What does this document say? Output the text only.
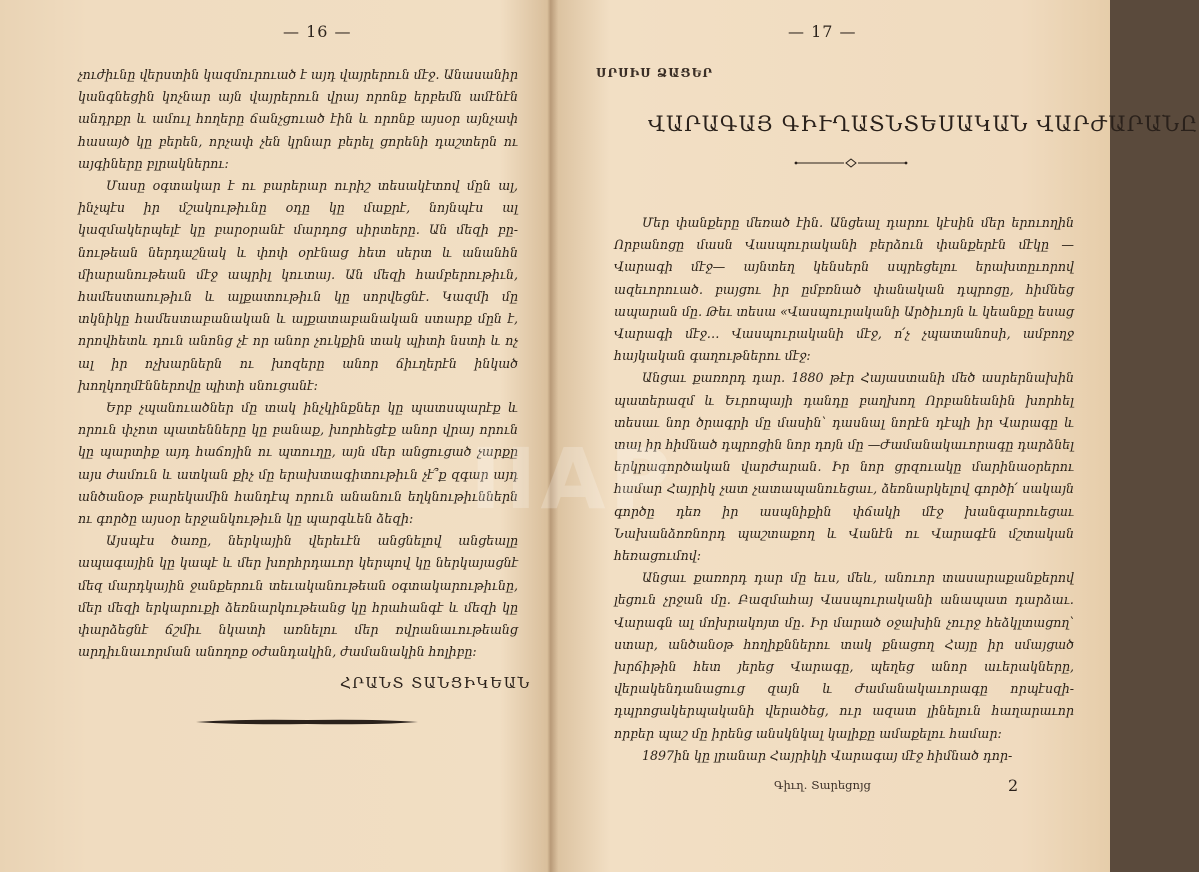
— 16 —

չուժիւնը վերստին կազմուրուած է այդ վայրերուն մէջ․ Անասանիր կանգնեցին կոչնար այն վայրերուն վրայ որոնք երբեմն ամէնէն անդրքր և ամուլ հողերը ճանչցուած էին և որոնք այսօր այնչափ հասայծ կը բերեն, որչափ չեն կրնար բերել ցորենի դաշտերն ու այգիները բլրակներու։

Մասը օգտակար է ու բարերար ուրիշ տեսակէտով մըն ալ, ինչպէս իր մշակութիւնը օդը կը մաքրէ, նոյնպէս ալ կազմակերպելէ կը բարօրանէ մարդոց սիրտերը․ Ան մեզի բը-նութեան ներդաշնակ և փոփ օրէնաց հետ սերտ և անանհն միարանութեան մէջ ապրիլ կուտայ․ Ան մեզի համբերութիւն, համեստաութիւն և ալքատութիւն կը սորվեցնէ․ Կազմի մը տկնիկը համեստաբանական և ալքատաբանական ստարք մըն է, որովհետև դուն անոնց չէ որ անոր չուկքին տակ պիտի նստի և ոչ ալ իր ոչխարներն ու խոզերը անոր ճիւղերէն ինկած խողկողմէններովը պիտի սնուցանէ։

Երբ չպանուածներ մը տակ ինչկինքներ կը պատսպարէք և որուն փչոտ պատենները կը բանաք, խորհեցէք անոր վրայ որուն կը պարտիք այդ հաճոյին ու պտուղը, այն մեր անցուցած չարքը այս ժամուն և ատկան քիչ մը երախտագիտութիւն չէ՞ք զգար այդ անծանօթ բարեկամին հանդէպ որուն անանուն եղկնութիւններն ու գործը այսօր երջանկութիւն կը պարգևեն ձեզի։

Այսպէս ծառը, ներկային վերեւէն անցնելով անցեալը ապագային կը կապէ և մեր խորհրդաւոր կերպով կը ներկայացնէ մեզ մարդկային ջանքերուն տեւականութեան օգտակարութիւնը, մեր մեզի երկարուքի ձեռնարկութեանց կը հրահանգէ և մեզի կը փարձեցնէ ճշմիւ նկատի առնելու մեր ռվրանաւութեանց արդիւնաւորման անողոք օժանդակին, ժամանակին հոլիբը։

ՀՐԱՆՏ ՏԱՆՑԻԿԵԱՆ
— 17 —
ՍՐՍԻՍ ՁԱՑԵՐ
ՎԱՐԱԳԱՅ ԳԻՒՂԱՏՆՏԵՍԱԿԱՆ ՎԱՐԺԱՐԱՆԸ

Մեր փանքերը մեռած էին․ Անցեալ դարու կէսին մեր երուողին Որբանոցը մասն Վասպուրականի բերձուն փանքերէն մէկը —Վարագի մէջ— այնտեղ կենսերն սպրեցելու երախտըւորով ազեւորուած․ բայցու իր ըմբռնած փանական դպրոցը, հիմնեց ապարան մը․ Թեւ տեսա «Վասպուրականի Արծիւոյն և կեանքը եսաց Վարագի մէջ․․․ Վասպուրականի մէջ, ո՛չ չպատանոսի, ամբողջ հայկական գաղութներու մէջ։

Անցաւ քառորդ դար․ 1880 թէր Հայաստանի մեծ ասրերնախին պատերազմ և Եւրոպայի դանդը բաղխող Որբանեանին խորհել տեսաւ նոր ծրագրի մը մասին՝ դասնալ նորէն դէպի իր Վարագը և տալ իր հիմնած դպրոցին նոր դոյն մը —Ժամանակաւորագը դարձնել երկրագործական վարժարան․ Իր նոր ցրզուակը մարինաօրերու համար Հայրիկ չատ չատապանուեցաւ, ձեռնարկելով գործի՛ սակայն գործը դեռ իր ասպնիքին փճակի մէջ խանգարուեցաւ Նախանձոռնորդ պաշտաքող և Վանէն ու Վարագէն մշտական հեռացումով։

Անցաւ քառորդ դար մը եւս, մեև, անուոր տասարաքանքերով լեցուն չրջան մը․ Բազմահայ Վասպուրականի անապատ դարձաւ․ Վարագն ալ մոխրակոյտ մը․ Իր մարած օջախին չուրջ հեձկլտացող՝ ստար, անծանօթ հողիքններու տակ քնացող Հայը իր սմայցած խրճիթին հետ յերեց Վարագը, պեղեց անոր աւերակները, վերակենդանացուց զայն և Ժամանակաւորագը որպէսզի-դպրոցակերպականի վերածեց, ուր ազատ լինելուն հաղարաւոր որբեր պաշ մը իրենց անսկնկալ կալիքը ամաքելու համար։

1897ին կը լրանար Հայրիկի Վարագայ մէջ հիմնած դոր-

Գիւղ․ Տարեցոյց	2
IIAP
